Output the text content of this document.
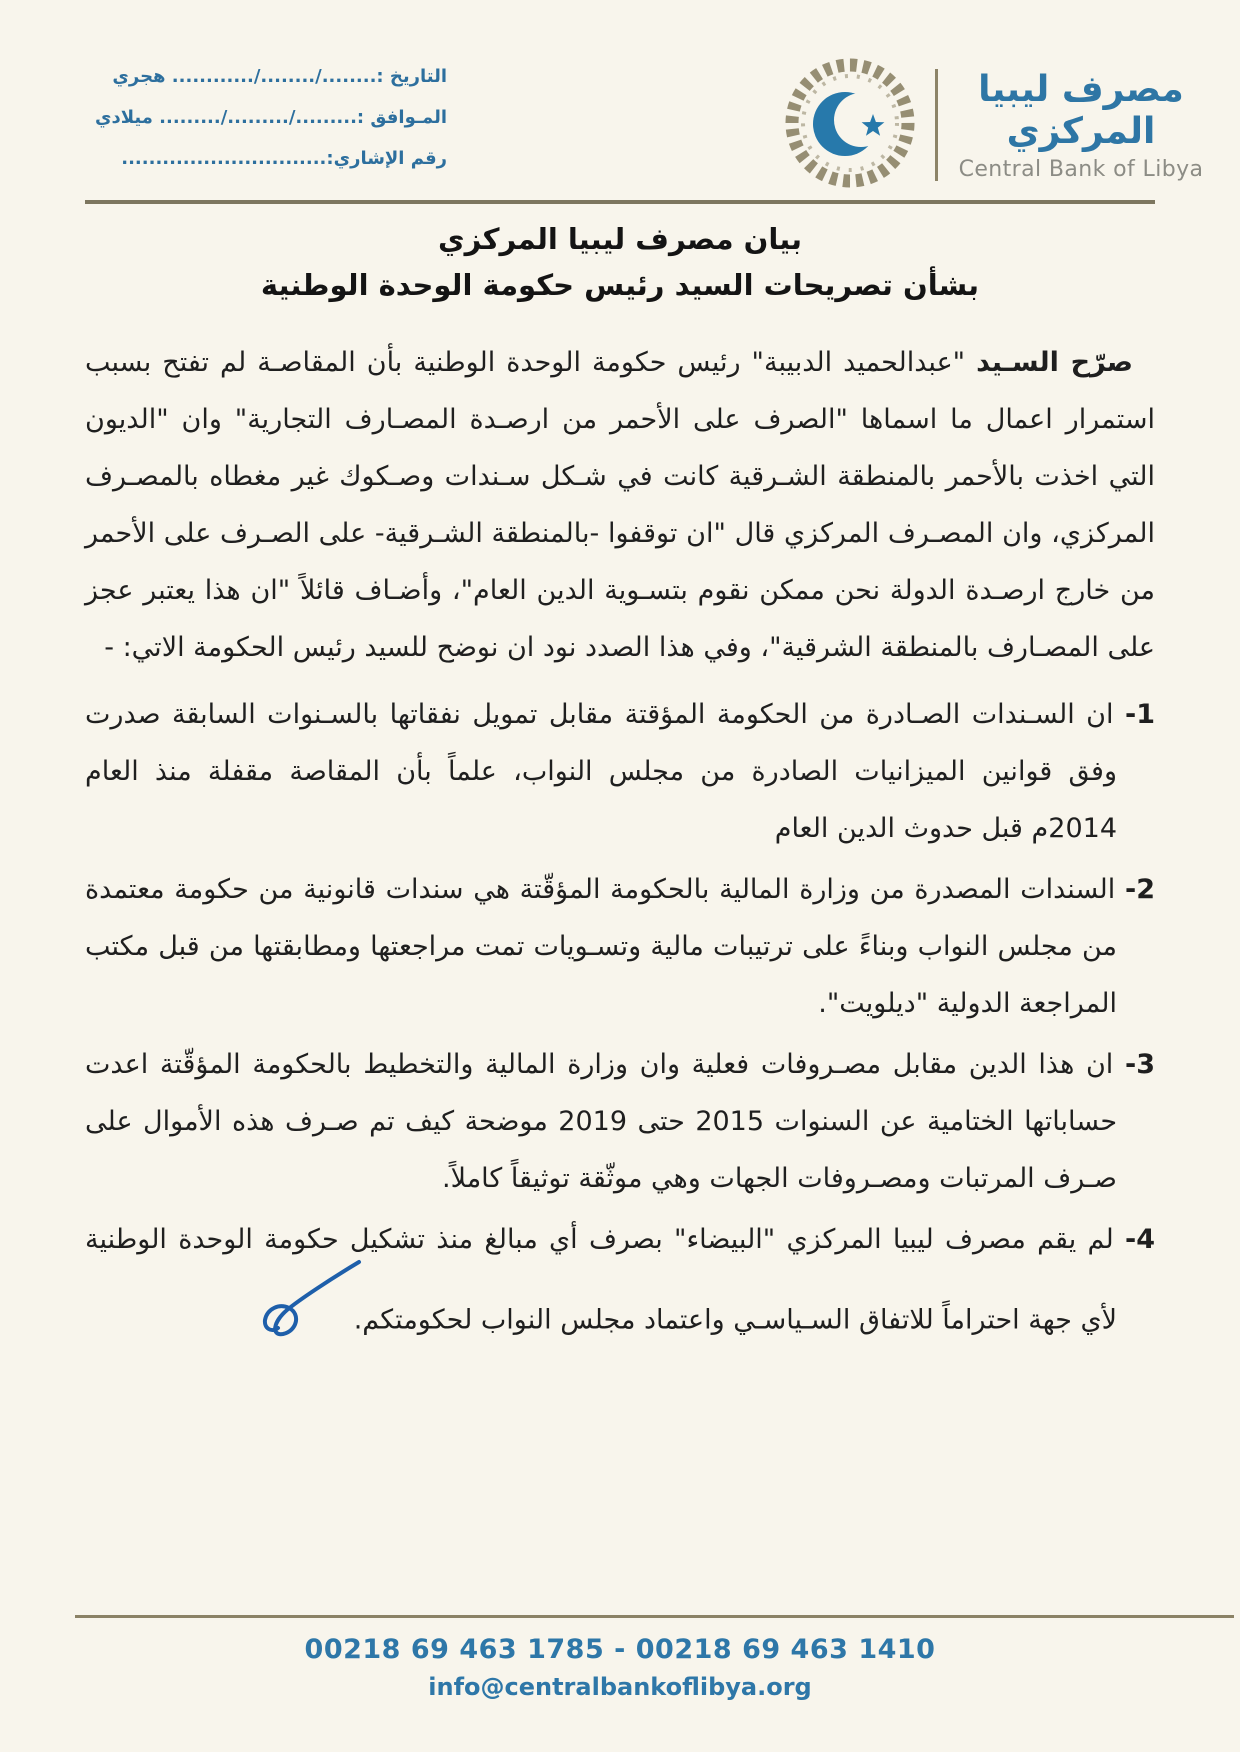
التاريخ :......../......../............ هجري
المـوافق :........./........./......... ميلادي
رقم الإشاري:..............................
مصرف ليبيا المركزي
Central Bank of Libya
بيان مصرف ليبيا المركزي
بشأن تصريحات السيد رئيس حكومة الوحدة الوطنية

صرّح السـيد "عبدالحميد الدبيبة" رئيس حكومة الوحدة الوطنية بأن المقاصـة لم تفتح بسبب استمرار اعمال ما اسماها "الصرف على الأحمر من ارصـدة المصـارف التجارية" وان "الديون التي اخذت بالأحمر بالمنطقة الشـرقية كانت في شـكل سـندات وصـكوك غير مغطاه بالمصـرف المركزي، وان المصـرف المركزي قال "ان توقفوا -بالمنطقة الشـرقية- على الصـرف على الأحمر من خارج ارصـدة الدولة نحن ممكن نقوم بتسـوية الدين العام"، وأضـاف قائلاً "ان هذا يعتبر عجز على المصـارف بالمنطقة الشرقية"، وفي هذا الصدد نود ان نوضح للسيد رئيس الحكومة الاتي: -

1- ان السـندات الصـادرة من الحكومة المؤقتة مقابل تمويل نفقاتها بالسـنوات السابقة صدرت وفق قوانين الميزانيات الصادرة من مجلس النواب، علماً بأن المقاصة مقفلة منذ العام 2014م قبل حدوث الدين العام
2- السندات المصدرة من وزارة المالية بالحكومة المؤقّتة هي سندات قانونية من حكومة معتمدة من مجلس النواب وبناءً على ترتيبات مالية وتسـويات تمت مراجعتها ومطابقتها من قبل مكتب المراجعة الدولية "ديلويت".
3- ان هذا الدين مقابل مصـروفات فعلية وان وزارة المالية والتخطيط بالحكومة المؤقّتة اعدت حساباتها الختامية عن السنوات 2015 حتى 2019 موضحة كيف تم صـرف هذه الأموال على صـرف المرتبات ومصـروفات الجهات وهي موثّقة توثيقاً كاملاً.
4- لم يقم مصرف ليبيا المركزي "البيضاء" بصرف أي مبالغ منذ تشكيل حكومة الوحدة الوطنية لأي جهة احتراماً للاتفاق السـياسـي واعتماد مجلس النواب لحكومتكم.
00218 69 463 1785 - 00218 69 463 1410
info@centralbankoflibya.org
